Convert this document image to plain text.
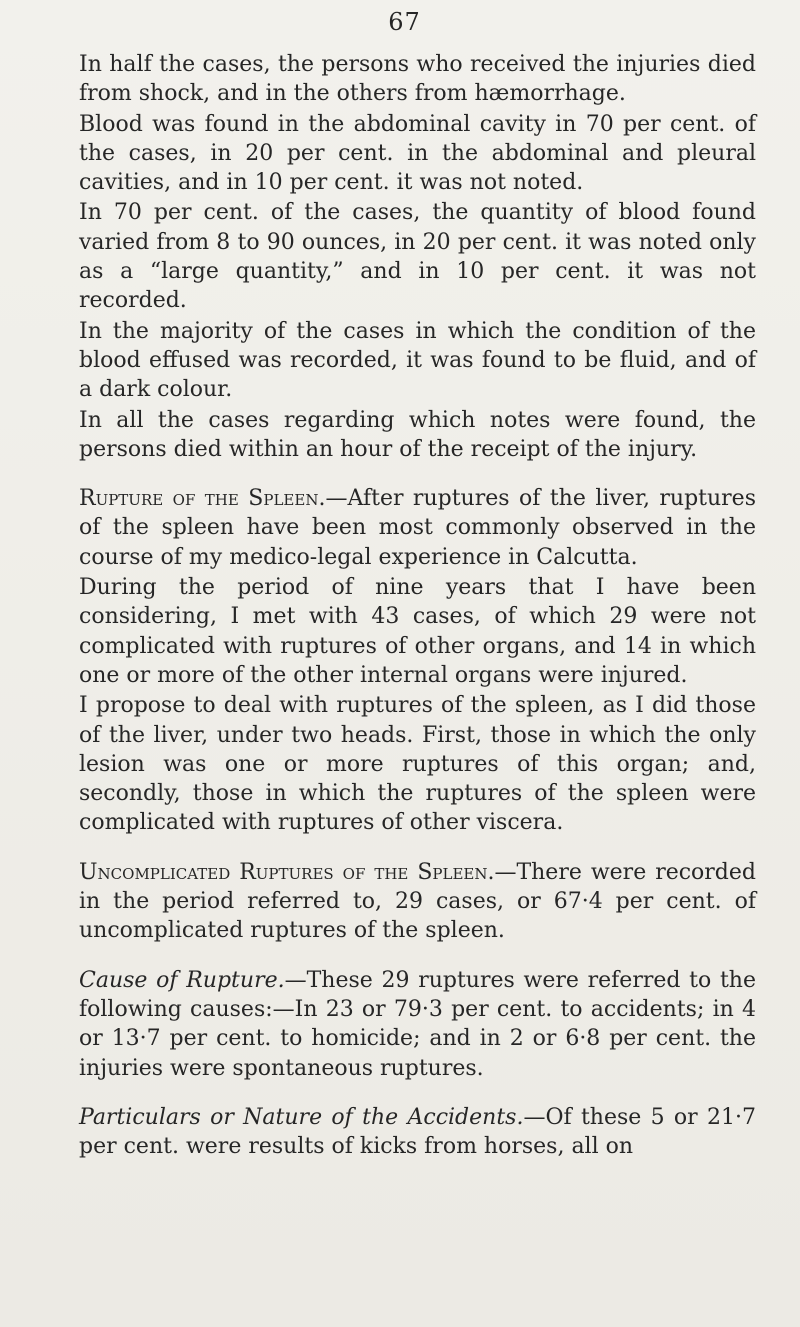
67

In half the cases, the persons who received the injuries died from shock, and in the others from hæmorrhage.

Blood was found in the abdominal cavity in 70 per cent. of the cases, in 20 per cent. in the abdominal and pleural cavities, and in 10 per cent. it was not noted.

In 70 per cent. of the cases, the quantity of blood found varied from 8 to 90 ounces, in 20 per cent. it was noted only as a “large quantity,” and in 10 per cent. it was not recorded.

In the majority of the cases in which the condition of the blood effused was recorded, it was found to be fluid, and of a dark colour.

In all the cases regarding which notes were found, the persons died within an hour of the receipt of the injury.

Rupture of the Spleen.—After ruptures of the liver, ruptures of the spleen have been most commonly observed in the course of my medico-legal experience in Calcutta.

During the period of nine years that I have been considering, I met with 43 cases, of which 29 were not complicated with ruptures of other organs, and 14 in which one or more of the other internal organs were injured.

I propose to deal with ruptures of the spleen, as I did those of the liver, under two heads. First, those in which the only lesion was one or more ruptures of this organ; and, secondly, those in which the ruptures of the spleen were complicated with ruptures of other viscera.

Uncomplicated Ruptures of the Spleen.—There were recorded in the period referred to, 29 cases, or 67·4 per cent. of uncomplicated ruptures of the spleen.

Cause of Rupture.—These 29 ruptures were referred to the following causes:—In 23 or 79·3 per cent. to accidents; in 4 or 13·7 per cent. to homicide; and in 2 or 6·8 per cent. the injuries were spontaneous ruptures.

Particulars or Nature of the Accidents.—Of these 5 or 21·7 per cent. were results of kicks from horses, all on
